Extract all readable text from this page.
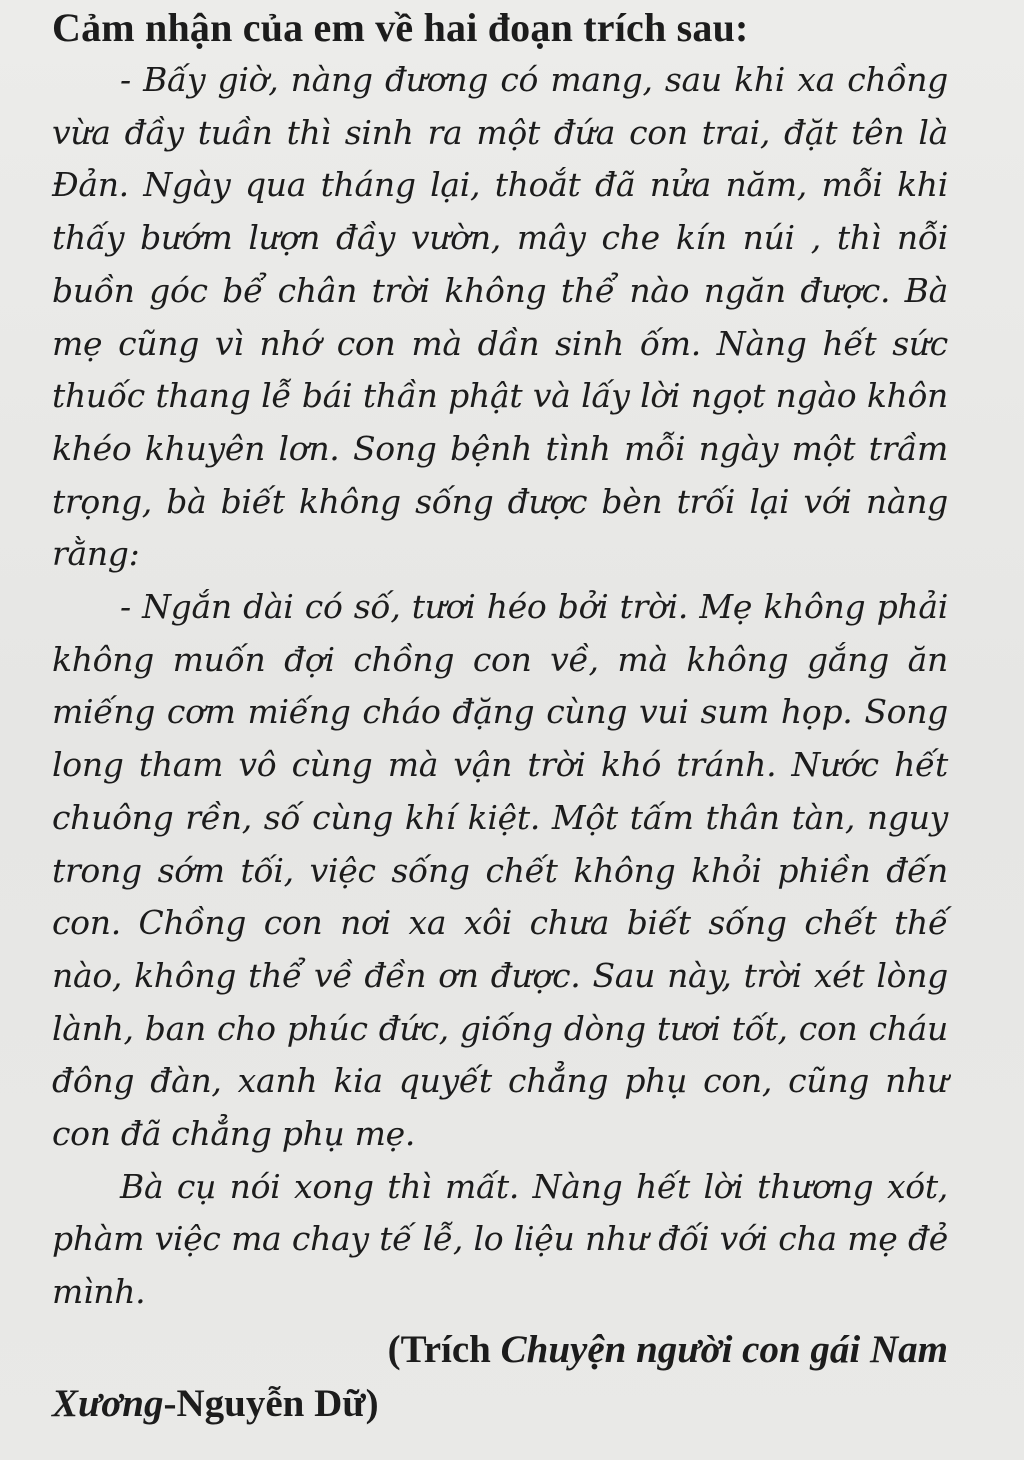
Cảm nhận của em về hai đoạn trích sau:

- Bấy giờ, nàng đương có mang, sau khi xa chồng vừa đầy tuần thì sinh ra một đứa con trai, đặt tên là Đản. Ngày qua tháng lại, thoắt đã nửa năm, mỗi khi thấy bướm lượn đầy vườn, mây che kín núi , thì nỗi buồn góc bể chân trời không thể nào ngăn được. Bà mẹ cũng vì nhớ con mà dần sinh ốm. Nàng hết sức thuốc thang lễ bái thần phật và lấy lời ngọt ngào khôn khéo khuyên lơn. Song bệnh tình mỗi ngày một trầm trọng, bà biết không sống được bèn trối lại với nàng rằng:

- Ngắn dài có số, tươi héo bởi trời. Mẹ không phải không muốn đợi chồng con về, mà không gắng ăn miếng cơm miếng cháo đặng cùng vui sum họp. Song long tham vô cùng mà vận trời khó tránh. Nước hết chuông rền, số cùng khí kiệt. Một tấm thân tàn, nguy trong sớm tối, việc sống chết không khỏi phiền đến con. Chồng con nơi xa xôi chưa biết sống chết thế nào, không thể về đền ơn được. Sau này, trời xét lòng lành, ban cho phúc đức, giống dòng tươi tốt, con cháu đông đàn, xanh kia quyết chẳng phụ con, cũng như con đã chẳng phụ mẹ.

Bà cụ nói xong thì mất. Nàng hết lời thương xót, phàm việc ma chay tế lễ, lo liệu như đối với cha mẹ đẻ mình.

(Trích Chuyện người con gái Nam
Xương-Nguyễn Dữ)
